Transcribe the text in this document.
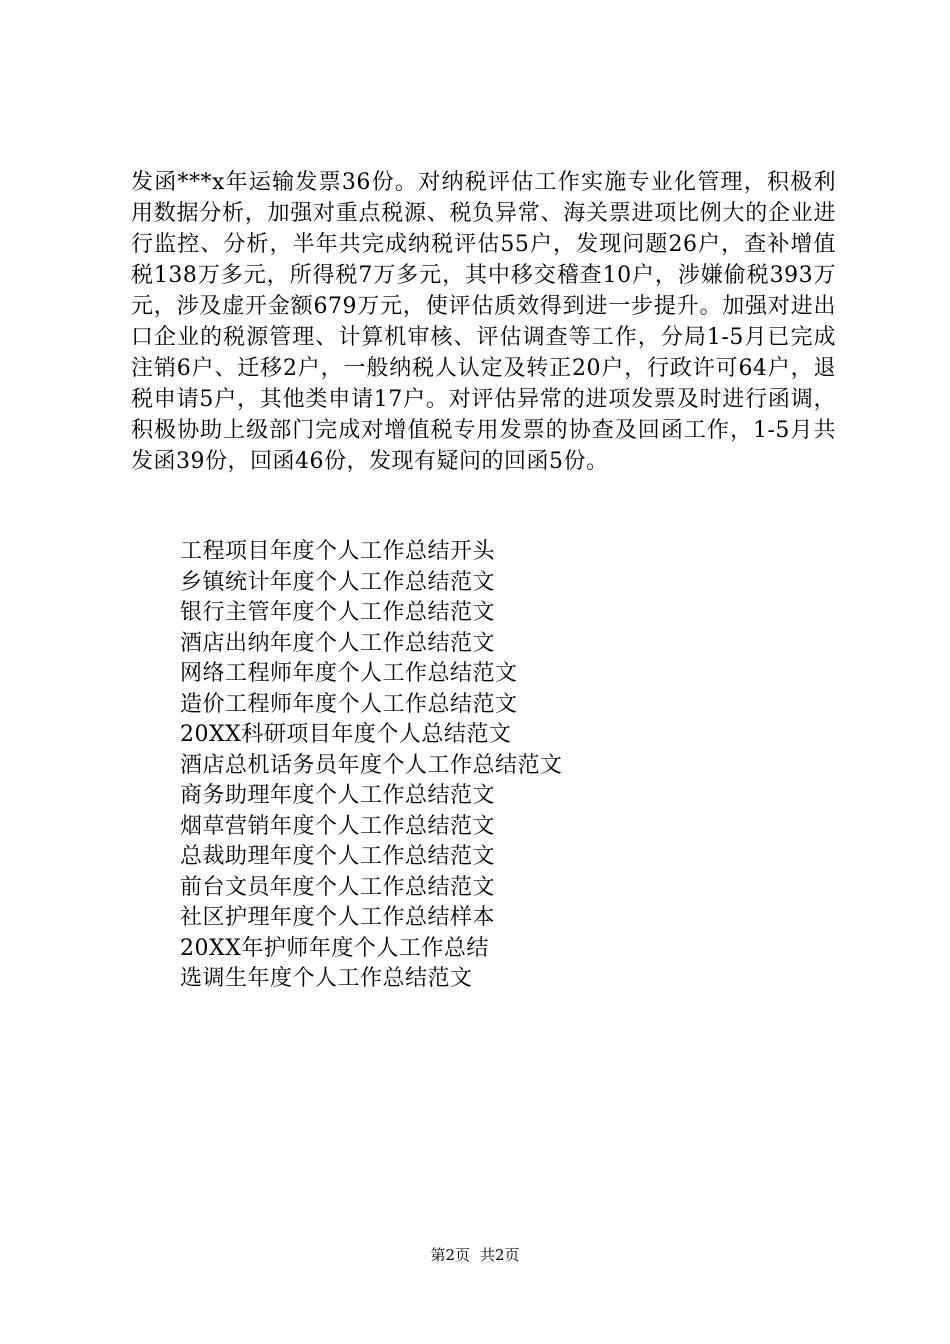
发函***x年运输发票36份。对纳税评估工作实施专业化管理，积极利用数据分析，加强对重点税源、税负异常、海关票进项比例大的企业进行监控、分析，半年共完成纳税评估55户，发现问题26户，查补增值税138万多元，所得税7万多元，其中移交稽查10户，涉嫌偷税393万元，涉及虚开金额679万元，使评估质效得到进一步提升。加强对进出口企业的税源管理、计算机审核、评估调查等工作，分局1-5月已完成注销6户、迁移2户，一般纳税人认定及转正20户，行政许可64户，退税申请5户，其他类申请17户。对评估异常的进项发票及时进行函调，积极协助上级部门完成对增值税专用发票的协查及回函工作，1-5月共发函39份，回函46份，发现有疑问的回函5份。

工程项目年度个人工作总结开头
乡镇统计年度个人工作总结范文
银行主管年度个人工作总结范文
酒店出纳年度个人工作总结范文
网络工程师年度个人工作总结范文
造价工程师年度个人工作总结范文
20XX科研项目年度个人总结范文
酒店总机话务员年度个人工作总结范文
商务助理年度个人工作总结范文
烟草营销年度个人工作总结范文
总裁助理年度个人工作总结范文
前台文员年度个人工作总结范文
社区护理年度个人工作总结样本
20XX年护师年度个人工作总结
选调生年度个人工作总结范文
第2页 共2页
